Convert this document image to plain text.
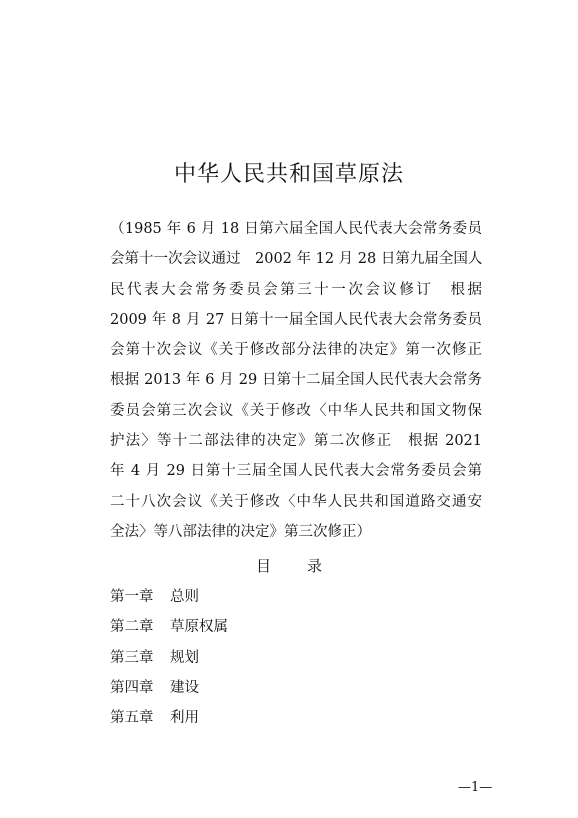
中华人民共和国草原法
（1985 年 6 月 18 日第六届全国人民代表大会常务委员
会第十一次会议通过　2002 年 12 月 28 日第九届全国人
民代表大会常务委员会第三十一次会议修订　根据
2009 年 8 月 27 日第十一届全国人民代表大会常务委员
会第十次会议《关于修改部分法律的决定》第一次修正
根据 2013 年 6 月 29 日第十二届全国人民代表大会常务
委员会第三次会议《关于修改〈中华人民共和国文物保
护法〉等十二部法律的决定》第二次修正　根据 2021
年 4 月 29 日第十三届全国人民代表大会常务委员会第
二十八次会议《关于修改〈中华人民共和国道路交通安
全法〉等八部法律的决定》第三次修正）
目 录
第一章 总则
第二章 草原权属
第三章 规划
第四章 建设
第五章 利用
—1—
